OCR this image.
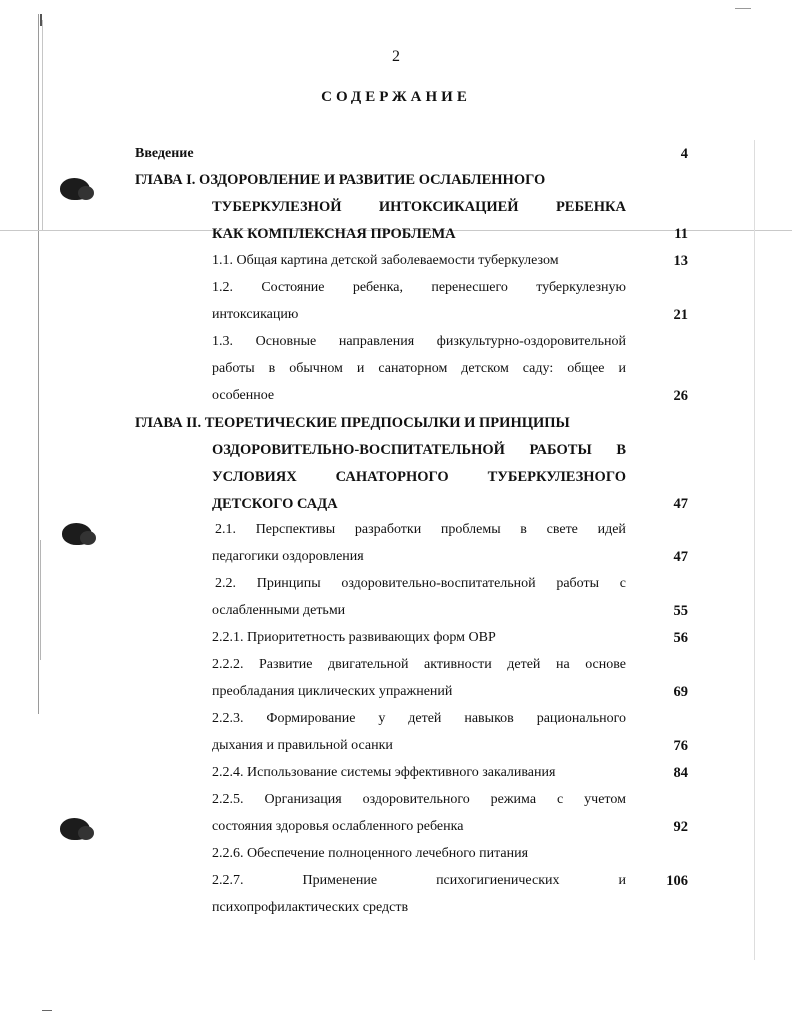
2
СОДЕРЖАНИЕ
Введение	4
ГЛАВА I. ОЗДОРОВЛЕНИЕ И РАЗВИТИЕ ОСЛАБЛЕННОГО
ТУБЕРКУЛЕЗНОЙ	ИНТОКСИКАЦИЕЙ	РЕБЕНКА
КАК КОМПЛЕКСНАЯ ПРОБЛЕМА	11
1.1. Общая картина детской заболеваемости туберкулезом	13
1.2. Состояние ребенка, перенесшего туберкулезную
интоксикацию	21
1.3. Основные направления физкультурно-оздоровительной
работы в обычном и санаторном детском саду: общее и
особенное	26
ГЛАВА II. ТЕОРЕТИЧЕСКИЕ ПРЕДПОСЫЛКИ И ПРИНЦИПЫ
ОЗДОРОВИТЕЛЬНО-ВОСПИТАТЕЛЬНОЙ РАБОТЫ В
УСЛОВИЯХ	САНАТОРНОГО	ТУБЕРКУЛЕЗНОГО
ДЕТСКОГО САДА	47
2.1. Перспективы разработки проблемы в свете идей
педагогики оздоровления	47
2.2. Принципы оздоровительно-воспитательной работы с
ослабленными детьми	55
2.2.1. Приоритетность развивающих форм ОВР	56
2.2.2. Развитие двигательной активности детей на основе
преобладания циклических упражнений	69
2.2.3. Формирование у детей навыков рационального
дыхания и правильной осанки	76
2.2.4. Использование системы эффективного закаливания	84
2.2.5. Организация оздоровительного режима с учетом
состояния здоровья ослабленного ребенка	92
2.2.6. Обеспечение полноценного лечебного питания
2.2.7.	Применение	психогигиенических	и	106
психопрофилактических средств
